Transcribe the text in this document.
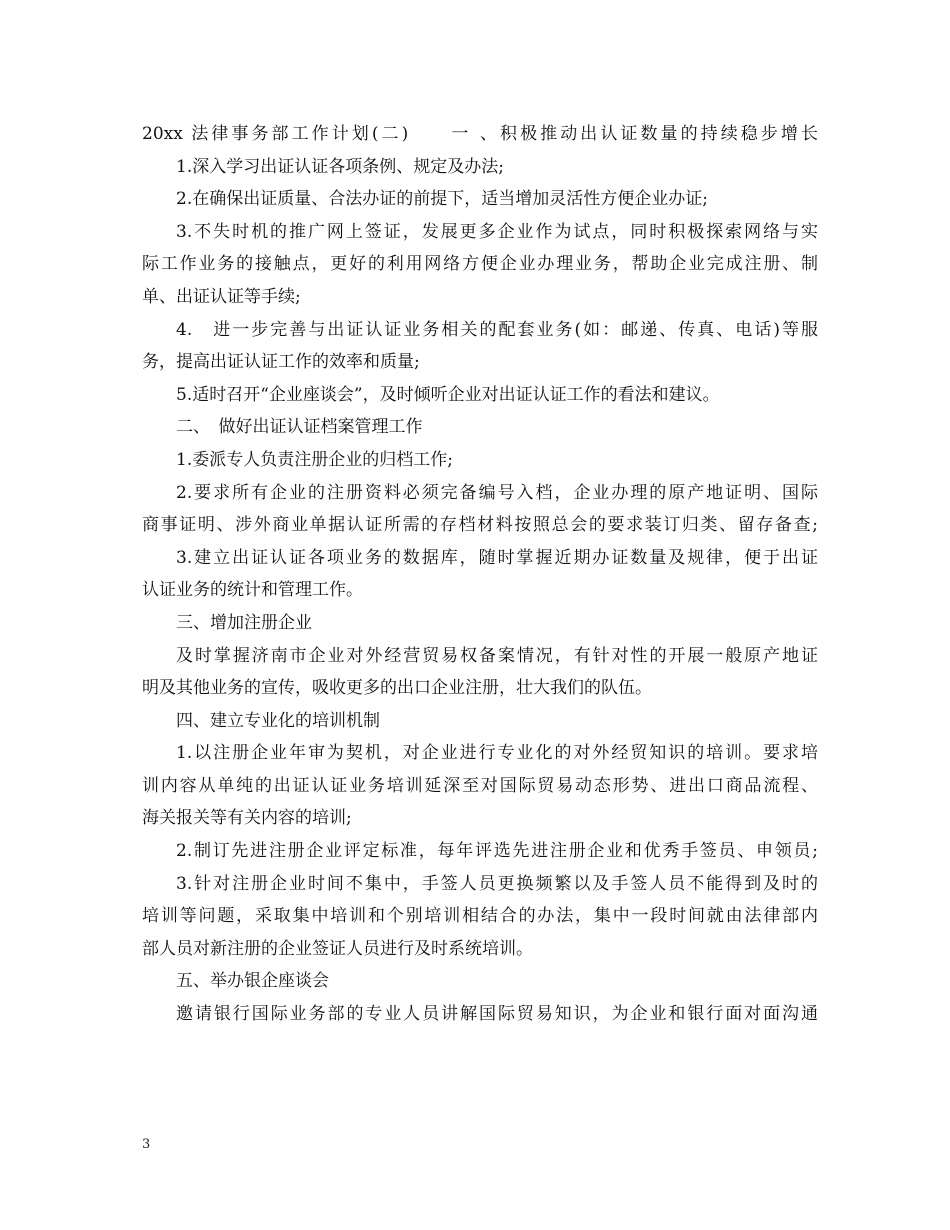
20xx 法律事务部工作计划(二)　　一 、积极推动出认证数量的持续稳步增长
1.深入学习出证认证各项条例、规定及办法;
2.在确保出证质量、合法办证的前提下，适当增加灵活性方便企业办证;
3.不失时机的推广网上签证，发展更多企业作为试点，同时积极探索网络与实
际工作业务的接触点，更好的利用网络方便企业办理业务，帮助企业完成注册、制
单、出证认证等手续;
4.　进一步完善与出证认证业务相关的配套业务(如：邮递、传真、电话)等服
务，提高出证认证工作的效率和质量;
5.适时召开“企业座谈会”，及时倾听企业对出证认证工作的看法和建议。
二、　做好出证认证档案管理工作
1.委派专人负责注册企业的归档工作;
2.要求所有企业的注册资料必须完备编号入档，企业办理的原产地证明、国际
商事证明、涉外商业单据认证所需的存档材料按照总会的要求装订归类、留存备查;
3.建立出证认证各项业务的数据库，随时掌握近期办证数量及规律，便于出证
认证业务的统计和管理工作。
三、增加注册企业
及时掌握济南市企业对外经营贸易权备案情况，有针对性的开展一般原产地证
明及其他业务的宣传，吸收更多的出口企业注册，壮大我们的队伍。
四、建立专业化的培训机制
1.以注册企业年审为契机，对企业进行专业化的对外经贸知识的培训。要求培
训内容从单纯的出证认证业务培训延深至对国际贸易动态形势、进出口商品流程、
海关报关等有关内容的培训;
2.制订先进注册企业评定标准，每年评选先进注册企业和优秀手签员、申领员;
3.针对注册企业时间不集中，手签人员更换频繁以及手签人员不能得到及时的
培训等问题，采取集中培训和个别培训相结合的办法，集中一段时间就由法律部内
部人员对新注册的企业签证人员进行及时系统培训。
五、举办银企座谈会
邀请银行国际业务部的专业人员讲解国际贸易知识，为企业和银行面对面沟通
3
